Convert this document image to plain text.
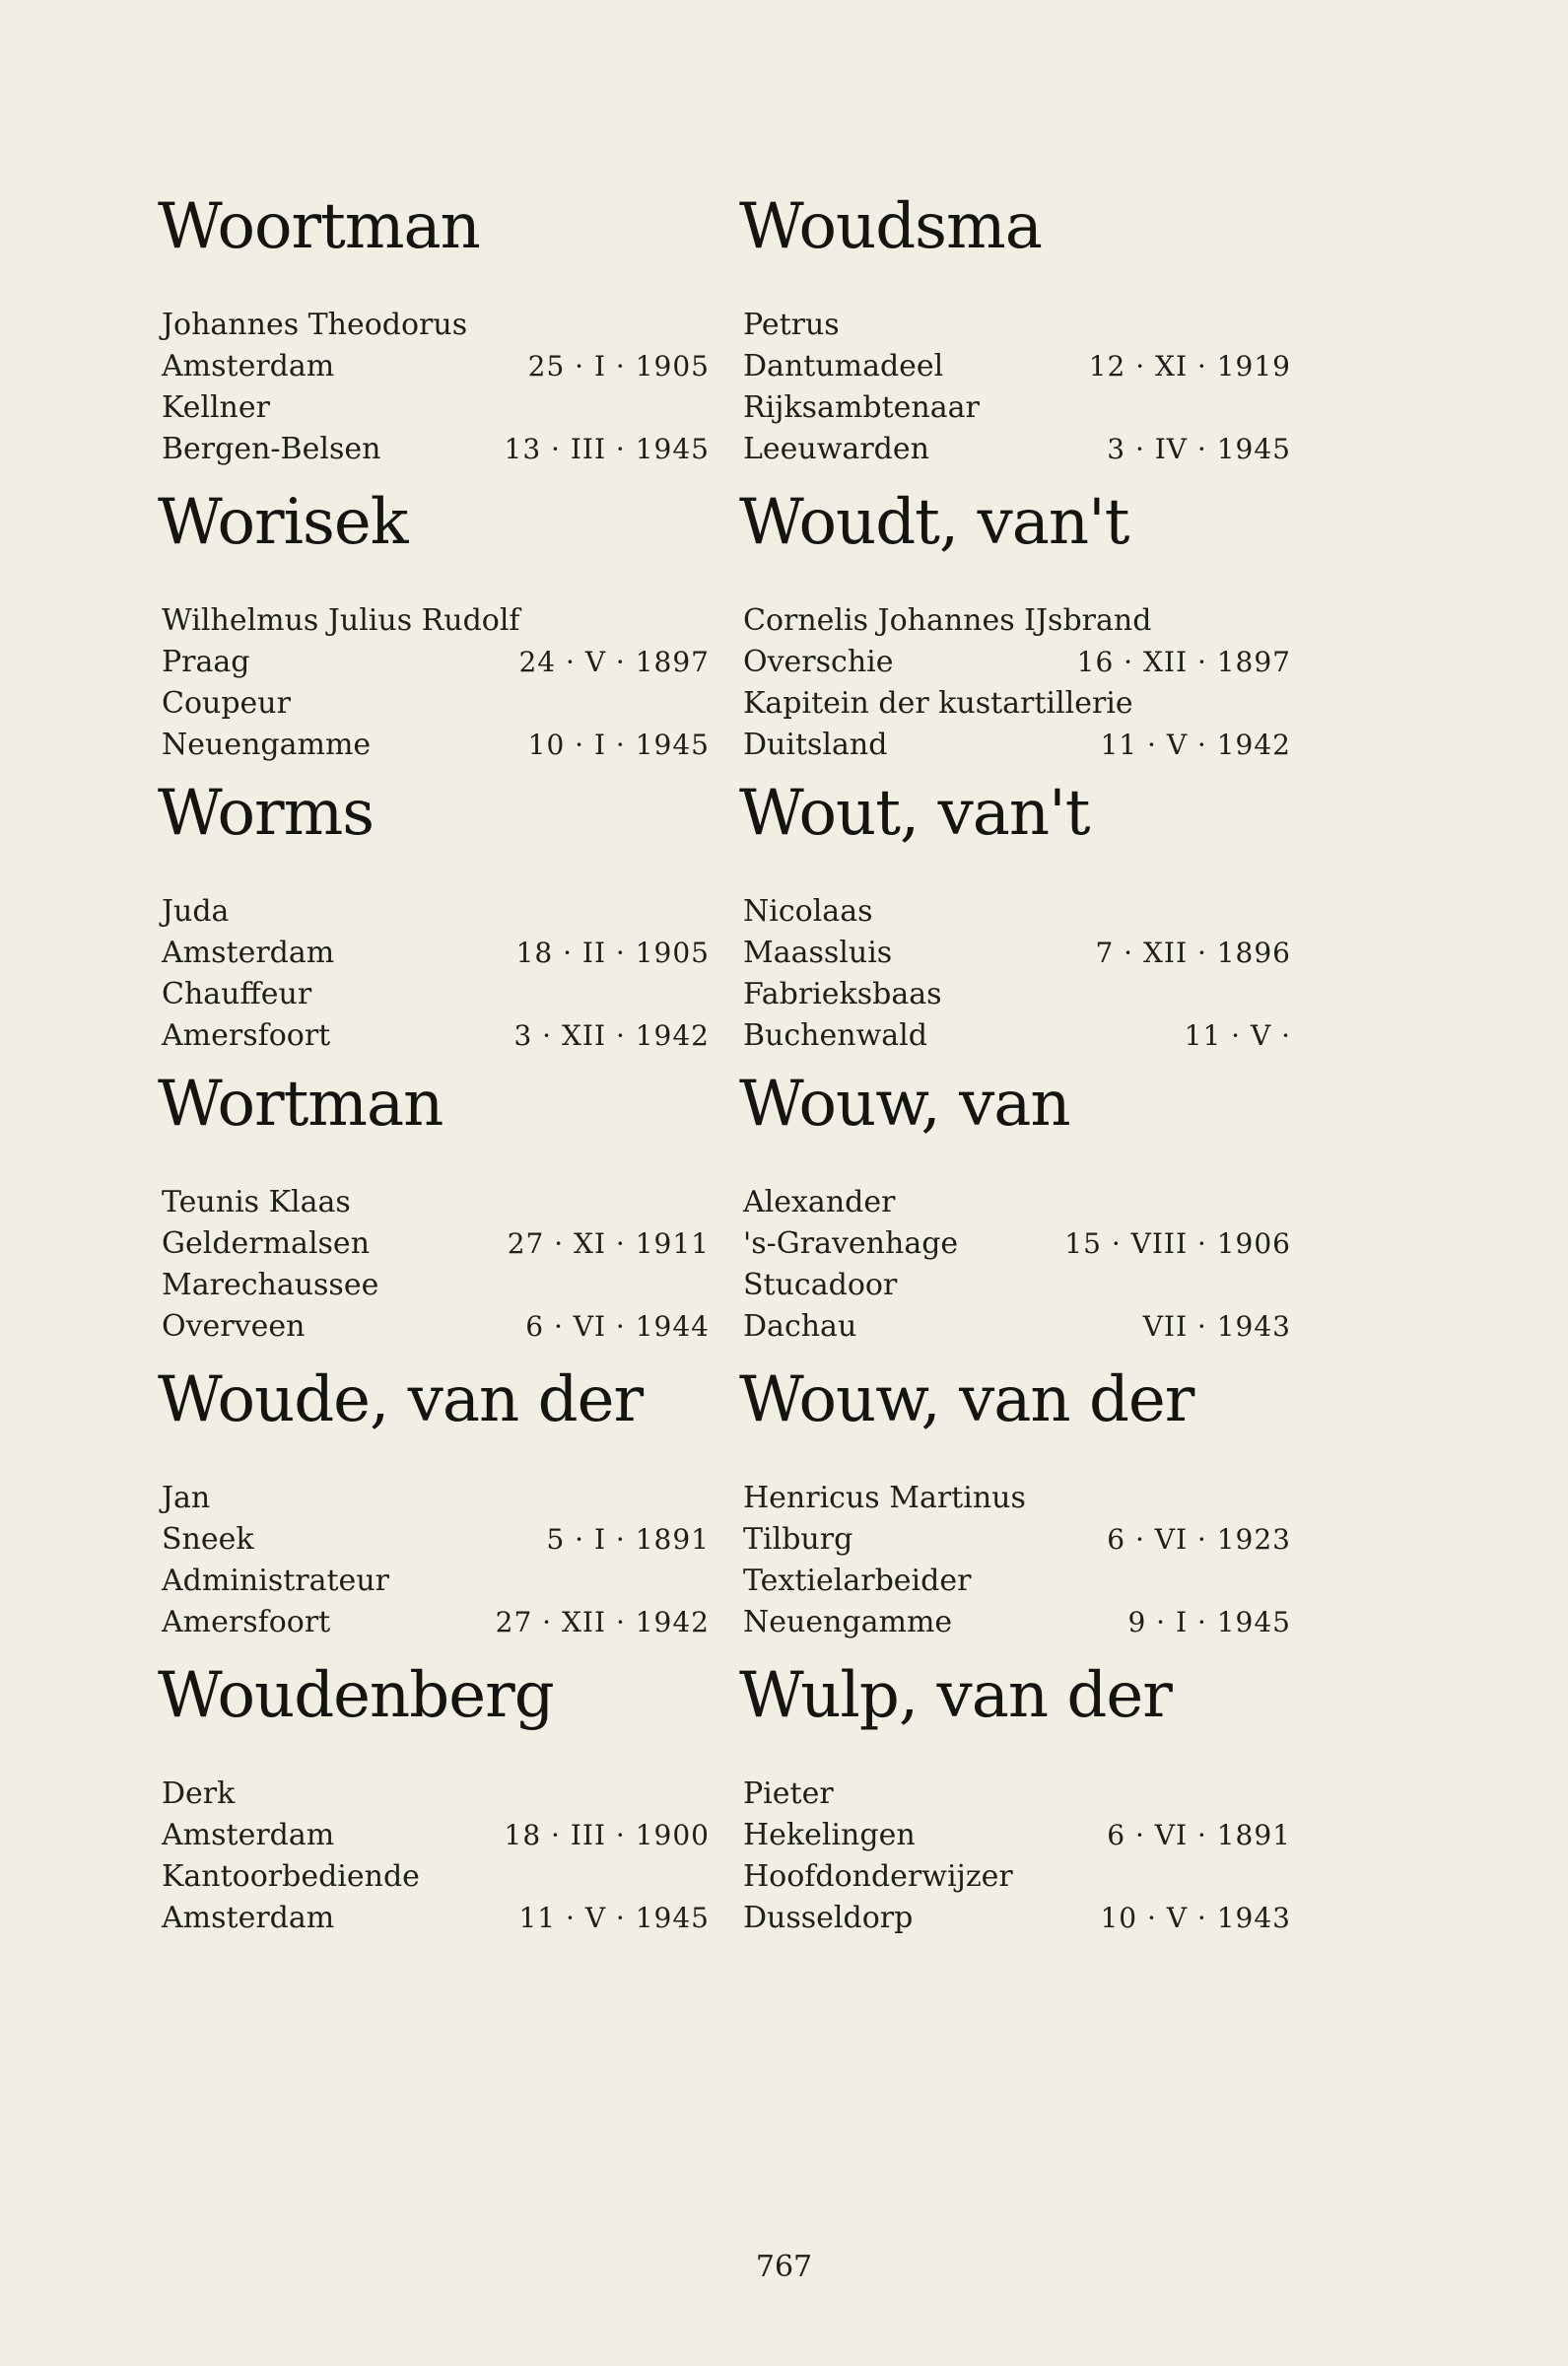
Woortman
Johannes Theodorus
Amsterdam	25 · I · 1905
Kellner
Bergen-Belsen	13 · III · 1945
Worisek
Wilhelmus Julius Rudolf
Praag	24 · V · 1897
Coupeur
Neuengamme	10 · I · 1945
Worms
Juda
Amsterdam	18 · II · 1905
Chauffeur
Amersfoort	3 · XII · 1942
Wortman
Teunis Klaas
Geldermalsen	27 · XI · 1911
Marechaussee
Overveen	6 · VI · 1944
Woude, van der
Jan
Sneek	5 · I · 1891
Administrateur
Amersfoort	27 · XII · 1942
Woudenberg
Derk
Amsterdam	18 · III · 1900
Kantoorbediende
Amsterdam	11 · V · 1945
Woudsma
Petrus
Dantumadeel	12 · XI · 1919
Rijksambtenaar
Leeuwarden	3 · IV · 1945
Woudt, van't
Cornelis Johannes IJsbrand
Overschie	16 · XII · 1897
Kapitein der kustartillerie
Duitsland	11 · V · 1942
Wout, van't
Nicolaas
Maassluis	7 · XII · 1896
Fabrieksbaas
Buchenwald	11 · V ·
Wouw, van
Alexander
's-Gravenhage	15 · VIII · 1906
Stucadoor
Dachau	VII · 1943
Wouw, van der
Henricus Martinus
Tilburg	6 · VI · 1923
Textielarbeider
Neuengamme	9 · I · 1945
Wulp, van der
Pieter
Hekelingen	6 · VI · 1891
Hoofdonderwijzer
Dusseldorp	10 · V · 1943
767
